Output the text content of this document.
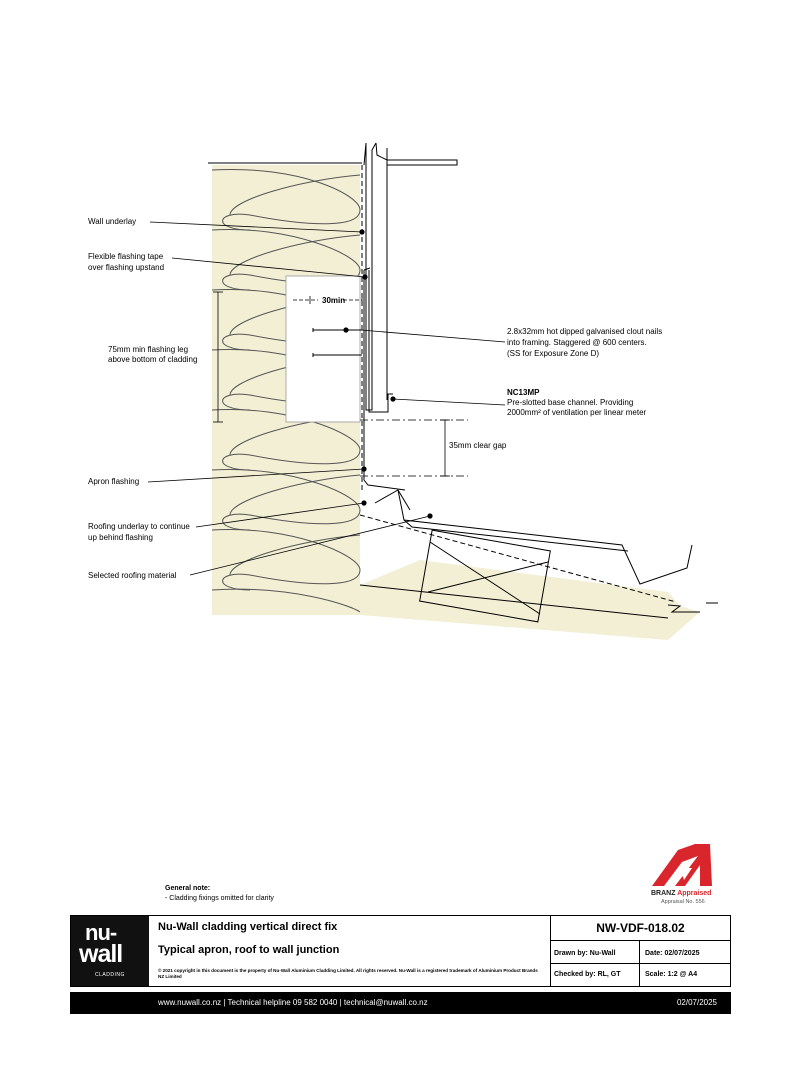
Wall underlay
Flexible flashing tape
over flashing upstand
75mm min flashing leg
above bottom of cladding
30min
2.8x32mm hot dipped galvanised clout nails
into framing. Staggered @ 600 centers.
(SS for Exposure Zone D)
NC13MP
Pre-slotted base channel. Providing
2000mm² of ventilation per linear meter
35mm clear gap
Apron flashing
Roofing underlay to continue
up behind flashing
Selected roofing material
General note:
- Cladding fixings omitted for clarity
BRANZ Appraised
Appraisal No. 556
nu-
wall
CLADDING
Nu-Wall cladding vertical direct fix
Typical apron, roof to wall junction
© 2021 copyright in this document is the property of Nu-Wall Aluminium Cladding Limited. All rights reserved. Nu-Wall is a registered trademark of Aluminium Product Brands NZ Limited
NW-VDF-018.02
Drawn by: Nu-Wall	Date: 02/07/2025
Checked by: RL, GT	Scale: 1:2 @ A4
www.nuwall.co.nz | Technical helpline 09 582 0040 | technical@nuwall.co.nz	02/07/2025
